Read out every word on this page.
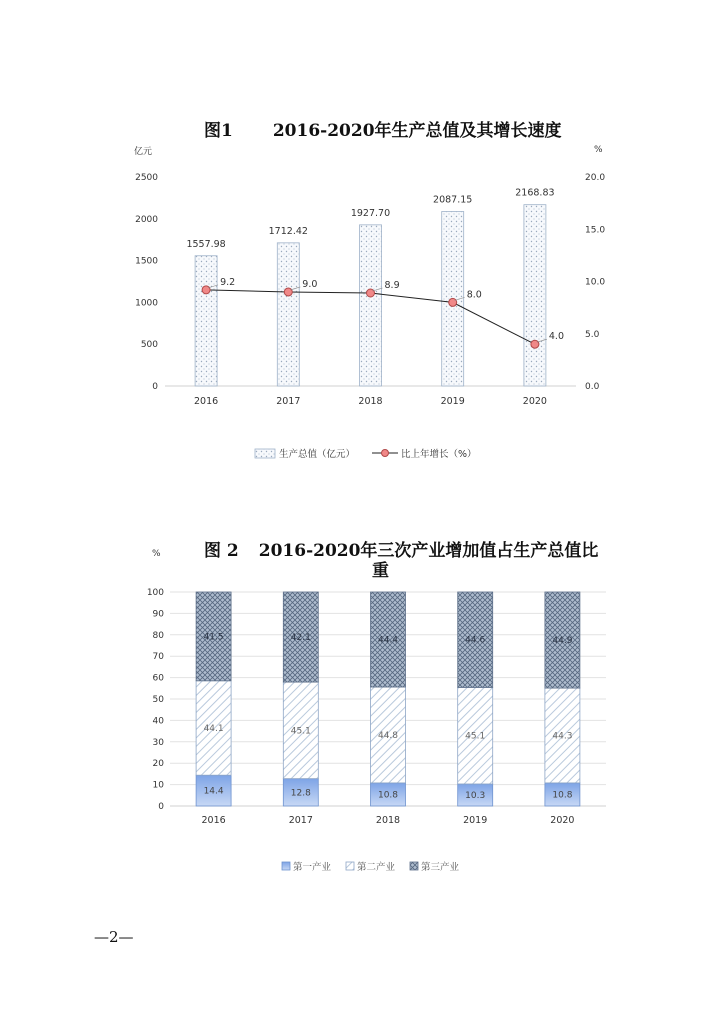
图1 2016-2020年生产总值及其增长速度
图 2 2016-2020年三次产业增加值占生产总值比
重
—2—
亿元	%
2500
2000
1500
1000
500
0
20.0
15.0
10.0
5.0
0.0
1557.98
2016
1712.42
2017
1927.70
2018
2087.15
2019
2168.83
2020
9.2	9.0	8.9
8.0
4.0
生产总值（亿元）	比上年增长（%）
%
100
90
80
70
60
50
40
30
20
10
0
14.4
44.1
41.5
2016
12.8
45.1
42.1
2017
10.8
44.8
44.4
2018
10.3
45.1
44.6
2019
10.8
44.3
44.9
2020
第一产业	第二产业	第三产业
